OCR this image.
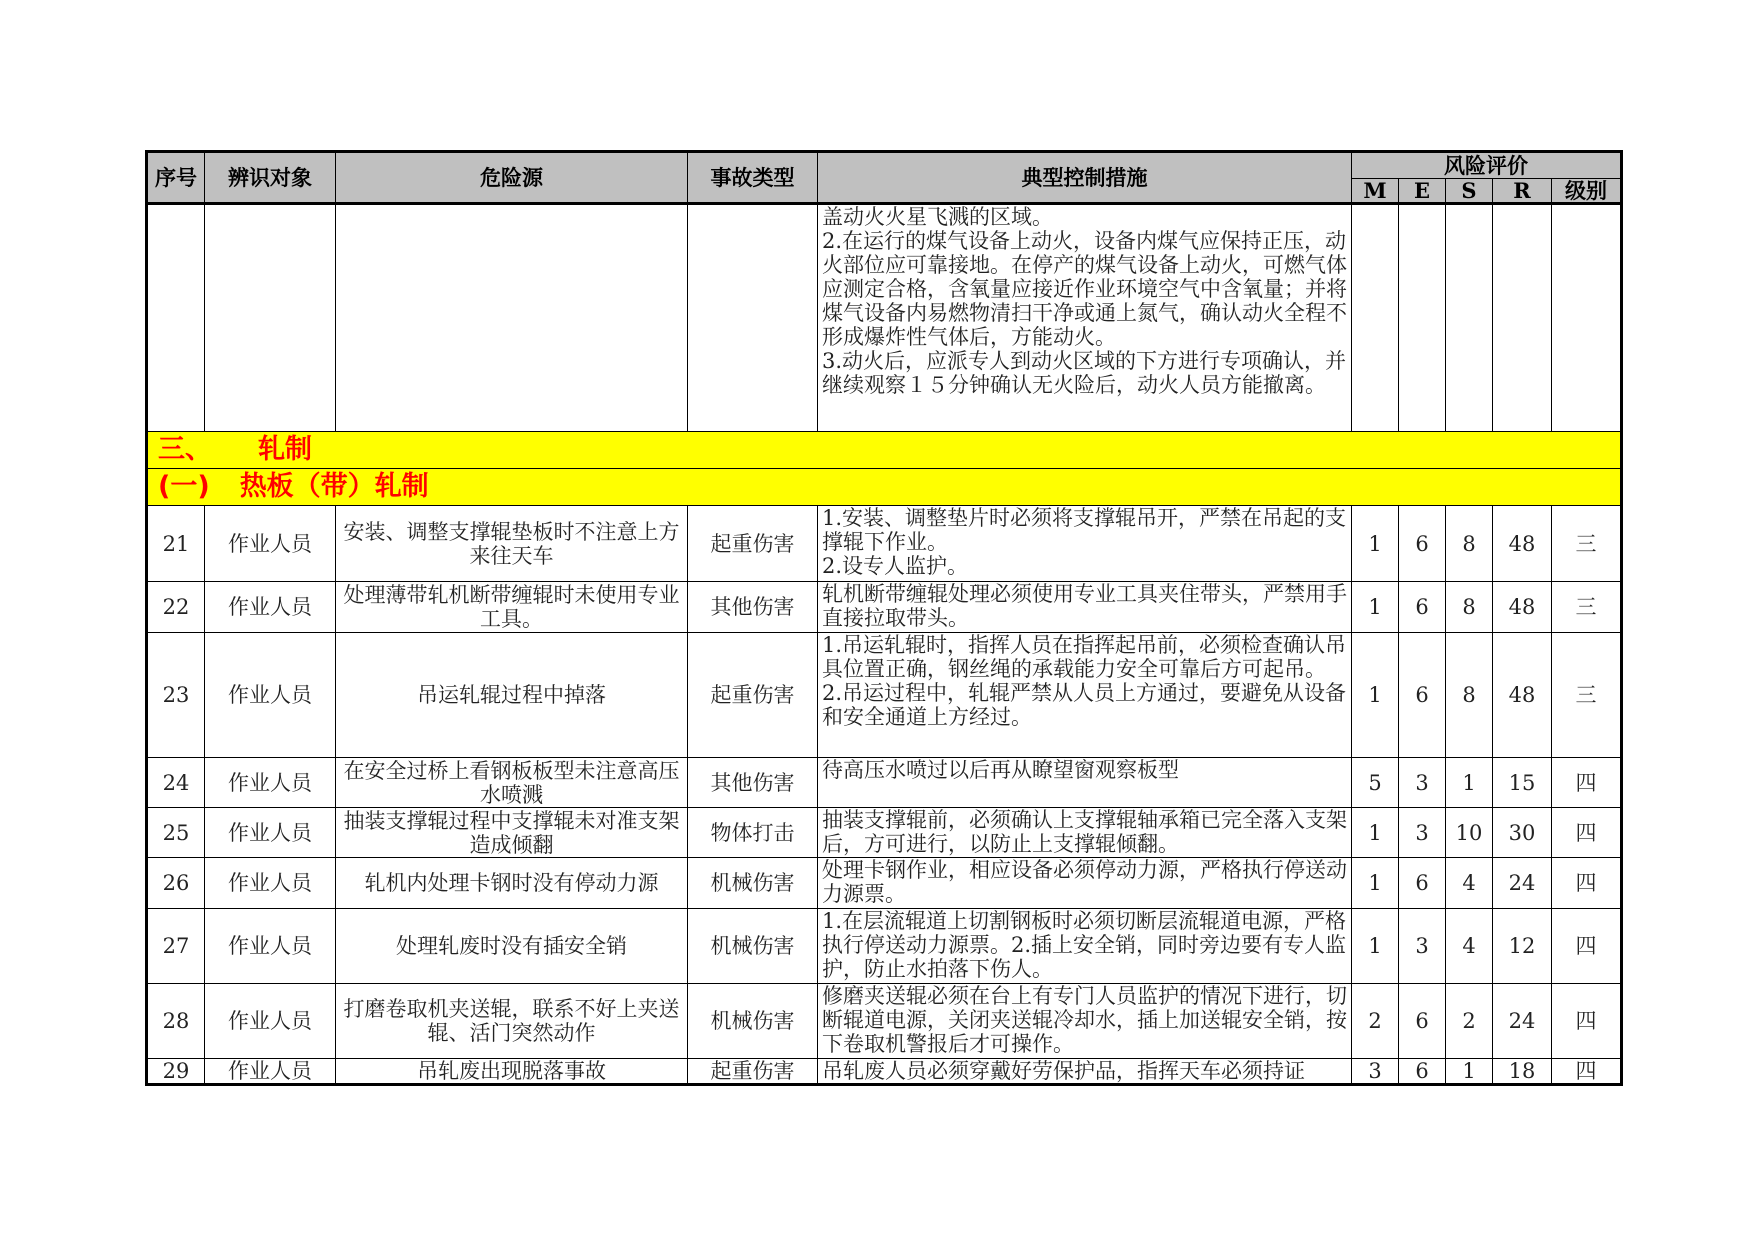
序号	辨识对象	危险源	事故类型	典型控制措施	风险评价				
					M	E	S	R	级别
				盖动火火星飞溅的区域。
2.在运行的煤气设备上动火，设备内煤气应保持正压，动火部位应可靠接地。在停产的煤气设备上动火，可燃气体应测定合格，含氧量应接近作业环境空气中含氧量；并将煤气设备内易燃物清扫干净或通上氮气，确认动火全程不形成爆炸性气体后，方能动火。
3.动火后，应派专人到动火区域的下方进行专项确认，并继续观察１５分钟确认无火险后，动火人员方能撤离。					
三、 轧制									
(一) 热板（带）轧制									
21	作业人员	安装、调整支撑辊垫板时不注意上方来往天车	起重伤害	1.安装、调整垫片时必须将支撑辊吊开，严禁在吊起的支撑辊下作业。
2.设专人监护。	1	6	8	48	三
22	作业人员	处理薄带轧机断带缠辊时未使用专业工具。	其他伤害	轧机断带缠辊处理必须使用专业工具夹住带头，严禁用手直接拉取带头。	1	6	8	48	三
23	作业人员	吊运轧辊过程中掉落	起重伤害	1.吊运轧辊时，指挥人员在指挥起吊前，必须检查确认吊具位置正确，钢丝绳的承载能力安全可靠后方可起吊。
2.吊运过程中，轧辊严禁从人员上方通过，要避免从设备和安全通道上方经过。	1	6	8	48	三
24	作业人员	在安全过桥上看钢板板型未注意高压水喷溅	其他伤害	待高压水喷过以后再从瞭望窗观察板型	5	3	1	15	四
25	作业人员	抽装支撑辊过程中支撑辊未对准支架造成倾翻	物体打击	抽装支撑辊前，必须确认上支撑辊轴承箱已完全落入支架后，方可进行，以防止上支撑辊倾翻。	1	3	10	30	四
26	作业人员	轧机内处理卡钢时没有停动力源	机械伤害	处理卡钢作业，相应设备必须停动力源，严格执行停送动力源票。	1	6	4	24	四
27	作业人员	处理轧废时没有插安全销	机械伤害	1.在层流辊道上切割钢板时必须切断层流辊道电源，严格执行停送动力源票。2.插上安全销，同时旁边要有专人监护，防止水拍落下伤人。	1	3	4	12	四
28	作业人员	打磨卷取机夹送辊，联系不好上夹送辊、活门突然动作	机械伤害	修磨夹送辊必须在台上有专门人员监护的情况下进行，切断辊道电源，关闭夹送辊冷却水，插上加送辊安全销，按下卷取机警报后才可操作。	2	6	2	24	四
29	作业人员	吊轧废出现脱落事故	起重伤害	吊轧废人员必须穿戴好劳保护品，指挥天车必须持证	3	6	1	18	四
